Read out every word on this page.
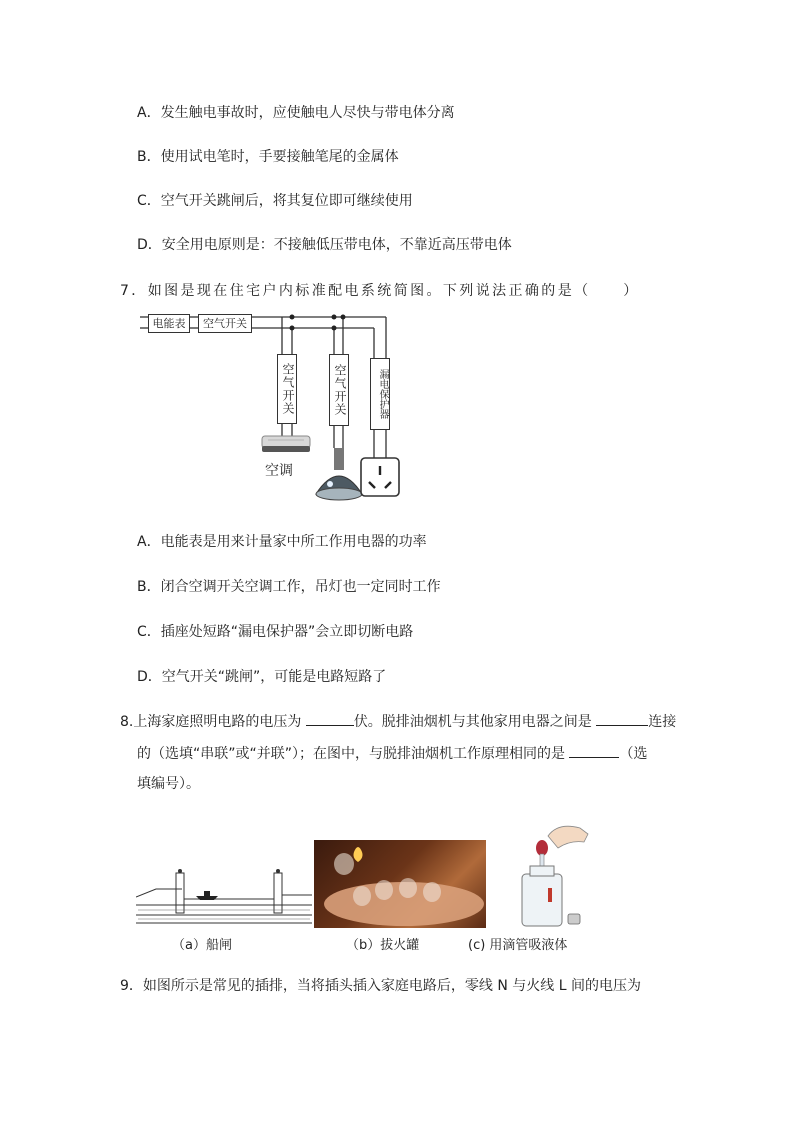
A．发生触电事故时，应使触电人尽快与带电体分离
B．使用试电笔时，手要接触笔尾的金属体
C．空气开关跳闸后，将其复位即可继续使用
D．安全用电原则是：不接触低压带电体，不靠近高压带电体
7．如图是现在住宅户内标准配电系统简图。下列说法正确的是（　　）
电能表	空气开关
空气开关	空气开关	漏电保护器
空调
A．电能表是用来计量家中所工作用电器的功率
B．闭合空调开关空调工作，吊灯也一定同时工作
C．插座处短路“漏电保护器”会立即切断电路
D．空气开关“跳闸”，可能是电路短路了
8.上海家庭照明电路的电压为	伏。脱排油烟机与其他家用电器之间是	连接
的（选填“串联”或“并联”）；在图中，与脱排油烟机工作原理相同的是	（选
填编号）。
（a）船闸	（b）拔火罐	(c) 用滴管吸液体
9．如图所示是常见的插排，当将插头插入家庭电路后，零线 N 与火线 L 间的电压为
